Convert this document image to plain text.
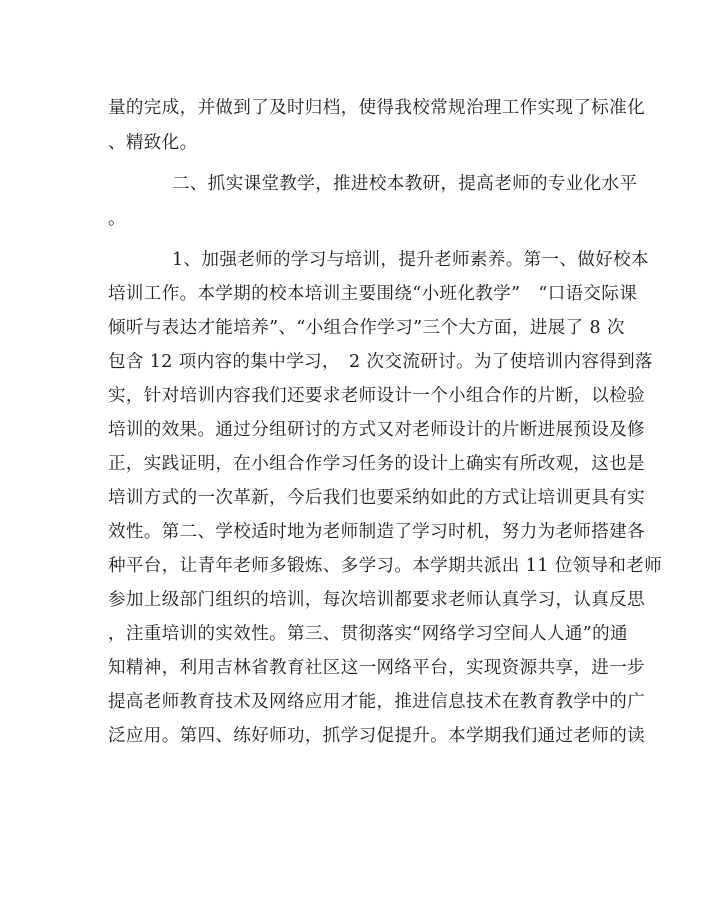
量的完成，并做到了及时归档，使得我校常规治理工作实现了标准化
、精致化。
二、抓实课堂教学，推进校本教研，提高老师的专业化水平
。
1、加强老师的学习与培训，提升老师素养。第一、做好校本
培训工作。本学期的校本培训主要围绕“小班化教学”　“口语交际课
倾听与表达才能培养”、“小组合作学习”三个大方面，进展了 8 次
包含 12 项内容的集中学习，　2 次交流研讨。为了使培训内容得到落
实，针对培训内容我们还要求老师设计一个小组合作的片断，以检验
培训的效果。通过分组研讨的方式又对老师设计的片断进展预设及修
正，实践证明，在小组合作学习任务的设计上确实有所改观，这也是
培训方式的一次革新，今后我们也要采纳如此的方式让培训更具有实
效性。第二、学校适时地为老师制造了学习时机，努力为老师搭建各
种平台，让青年老师多锻炼、多学习。本学期共派出 11 位领导和老师
参加上级部门组织的培训，每次培训都要求老师认真学习，认真反思
，注重培训的实效性。第三、贯彻落实“网络学习空间人人通”的通
知精神，利用吉林省教育社区这一网络平台，实现资源共享，进一步
提高老师教育技术及网络应用才能，推进信息技术在教育教学中的广
泛应用。第四、练好师功，抓学习促提升。本学期我们通过老师的读
